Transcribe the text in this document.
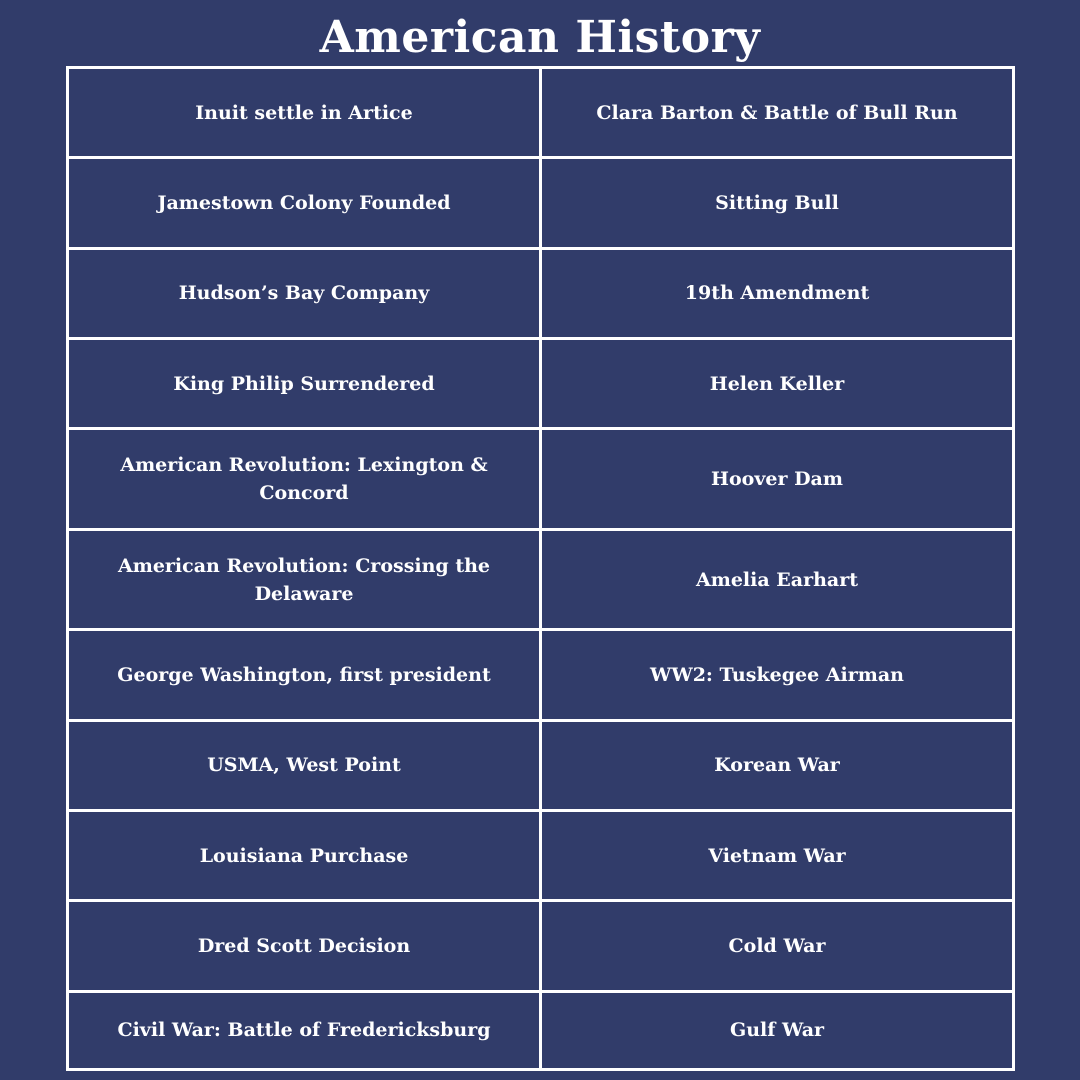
American History
Inuit settle in Artice	Clara Barton & Battle of Bull Run
Jamestown Colony Founded	Sitting Bull
Hudson’s Bay Company	19th Amendment
King Philip Surrendered	Helen Keller
American Revolution: Lexington & Concord	Hoover Dam
American Revolution: Crossing the Delaware	Amelia Earhart
George Washington, first president	WW2: Tuskegee Airman
USMA, West Point	Korean War
Louisiana Purchase	Vietnam War
Dred Scott Decision	Cold War
Civil War: Battle of Fredericksburg	Gulf War
